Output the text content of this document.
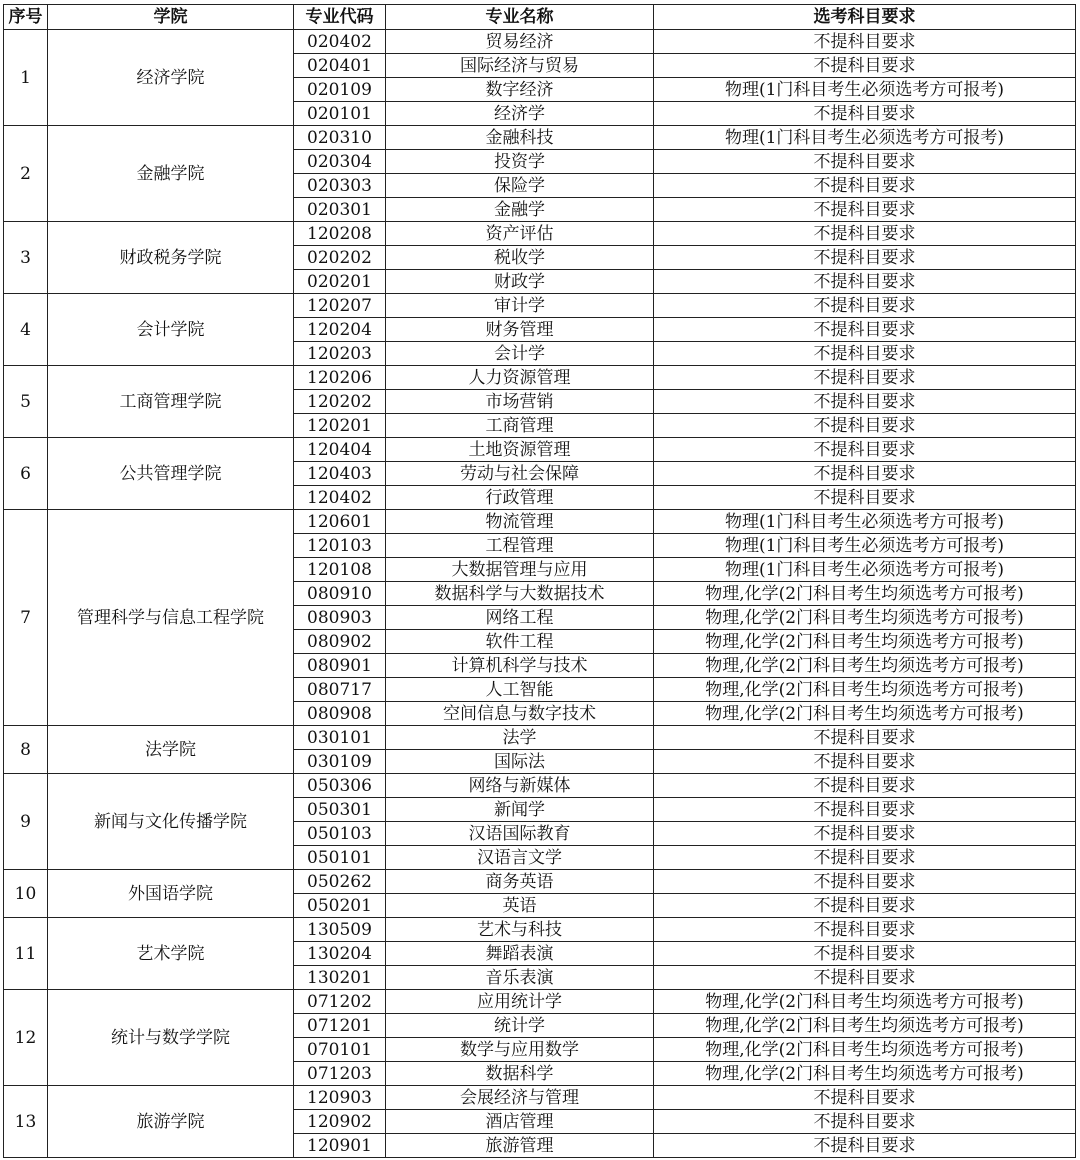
序号	学院	专业代码	专业名称	选考科目要求
1	经济学院	020402	贸易经济	不提科目要求
		020401	国际经济与贸易	不提科目要求
		020109	数字经济	物理(1门科目考生必须选考方可报考)
		020101	经济学	不提科目要求
2	金融学院	020310	金融科技	物理(1门科目考生必须选考方可报考)
		020304	投资学	不提科目要求
		020303	保险学	不提科目要求
		020301	金融学	不提科目要求
3	财政税务学院	120208	资产评估	不提科目要求
		020202	税收学	不提科目要求
		020201	财政学	不提科目要求
4	会计学院	120207	审计学	不提科目要求
		120204	财务管理	不提科目要求
		120203	会计学	不提科目要求
5	工商管理学院	120206	人力资源管理	不提科目要求
		120202	市场营销	不提科目要求
		120201	工商管理	不提科目要求
6	公共管理学院	120404	土地资源管理	不提科目要求
		120403	劳动与社会保障	不提科目要求
		120402	行政管理	不提科目要求
7	管理科学与信息工程学院	120601	物流管理	物理(1门科目考生必须选考方可报考)
		120103	工程管理	物理(1门科目考生必须选考方可报考)
		120108	大数据管理与应用	物理(1门科目考生必须选考方可报考)
		080910	数据科学与大数据技术	物理,化学(2门科目考生均须选考方可报考)
		080903	网络工程	物理,化学(2门科目考生均须选考方可报考)
		080902	软件工程	物理,化学(2门科目考生均须选考方可报考)
		080901	计算机科学与技术	物理,化学(2门科目考生均须选考方可报考)
		080717	人工智能	物理,化学(2门科目考生均须选考方可报考)
		080908	空间信息与数字技术	物理,化学(2门科目考生均须选考方可报考)
8	法学院	030101	法学	不提科目要求
		030109	国际法	不提科目要求
9	新闻与文化传播学院	050306	网络与新媒体	不提科目要求
		050301	新闻学	不提科目要求
		050103	汉语国际教育	不提科目要求
		050101	汉语言文学	不提科目要求
10	外国语学院	050262	商务英语	不提科目要求
		050201	英语	不提科目要求
11	艺术学院	130509	艺术与科技	不提科目要求
		130204	舞蹈表演	不提科目要求
		130201	音乐表演	不提科目要求
12	统计与数学学院	071202	应用统计学	物理,化学(2门科目考生均须选考方可报考)
		071201	统计学	物理,化学(2门科目考生均须选考方可报考)
		070101	数学与应用数学	物理,化学(2门科目考生均须选考方可报考)
		071203	数据科学	物理,化学(2门科目考生均须选考方可报考)
13	旅游学院	120903	会展经济与管理	不提科目要求
		120902	酒店管理	不提科目要求
		120901	旅游管理	不提科目要求
